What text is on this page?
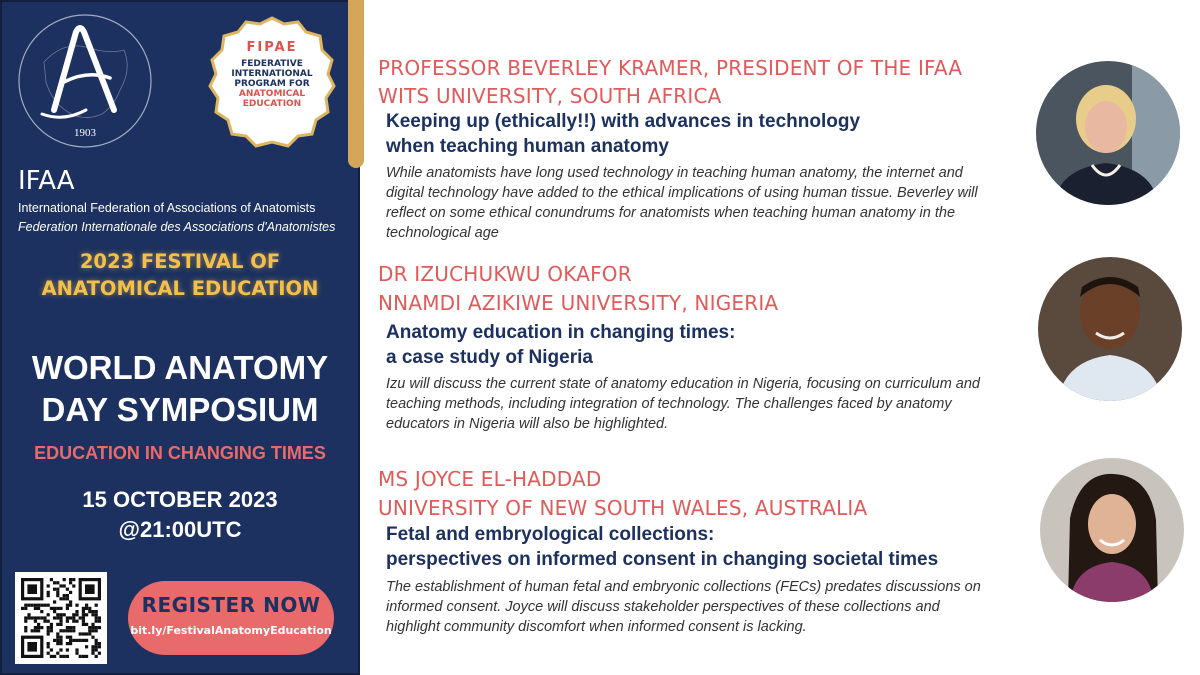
1903
FIPAE
FEDERATIVE
INTERNATIONAL
PROGRAM FOR
ANATOMICAL
EDUCATION
IFAA
International Federation of Associations of Anatomists
Federation Internationale des Associations d'Anatomistes
2023 FESTIVAL OF
ANATOMICAL EDUCATION
WORLD ANATOMY
DAY SYMPOSIUM
EDUCATION IN CHANGING TIMES
15 OCTOBER 2023
@21:00UTC
REGISTER NOW
bit.ly/FestivalAnatomyEducation
PROFESSOR BEVERLEY KRAMER, PRESIDENT OF THE IFAA
WITS UNIVERSITY, SOUTH AFRICA
Keeping up (ethically!!) with advances in technology
when teaching human anatomy
While anatomists have long used technology in teaching human anatomy, the internet and digital technology have added to the ethical implications of using human tissue. Beverley will reflect on some ethical conundrums for anatomists when teaching human anatomy in the technological age
DR IZUCHUKWU OKAFOR
NNAMDI AZIKIWE UNIVERSITY, NIGERIA
Anatomy education in changing times:
a case study of Nigeria
Izu will discuss the current state of anatomy education in Nigeria, focusing on curriculum and teaching methods, including integration of technology. The challenges faced by anatomy educators in Nigeria will also be highlighted.
MS JOYCE EL-HADDAD
UNIVERSITY OF NEW SOUTH WALES, AUSTRALIA
Fetal and embryological collections:
perspectives on informed consent in changing societal times
The establishment of human fetal and embryonic collections (FECs) predates discussions on informed consent. Joyce will discuss stakeholder perspectives of these collections and highlight community discomfort when informed consent is lacking.
